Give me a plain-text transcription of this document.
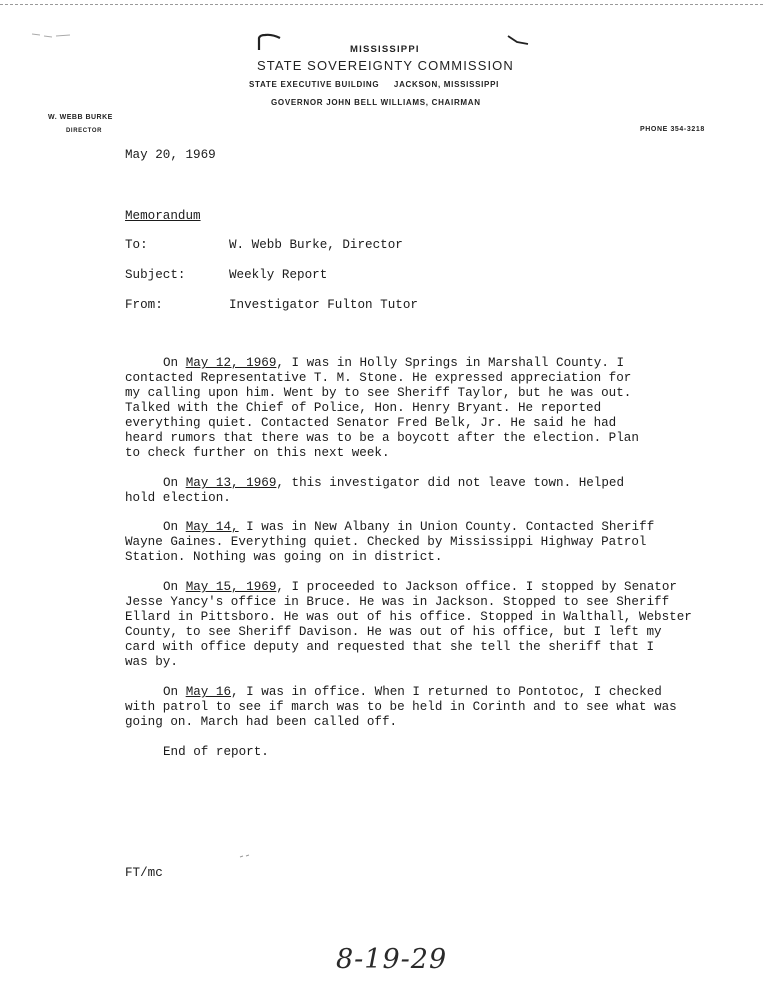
MISSISSIPPI
STATE SOVEREIGNTY COMMISSION
STATE EXECUTIVE BUILDING JACKSON, MISSISSIPPI
GOVERNOR JOHN BELL WILLIAMS, CHAIRMAN
W. WEBB BURKE
DIRECTOR	PHONE 354-3218
May 20, 1969
Memorandum
To:	W. Webb Burke, Director
Subject:	Weekly Report
From:	Investigator Fulton Tutor
On May 12, 1969, I was in Holly Springs in Marshall County. I
contacted Representative T. M. Stone. He expressed appreciation for
my calling upon him. Went by to see Sheriff Taylor, but he was out.
Talked with the Chief of Police, Hon. Henry Bryant. He reported
everything quiet. Contacted Senator Fred Belk, Jr. He said he had
heard rumors that there was to be a boycott after the election. Plan
to check further on this next week.
On May 13, 1969, this investigator did not leave town. Helped
hold election.
On May 14, I was in New Albany in Union County. Contacted Sheriff
Wayne Gaines. Everything quiet. Checked by Mississippi Highway Patrol
Station. Nothing was going on in district.
On May 15, 1969, I proceeded to Jackson office. I stopped by Senator
Jesse Yancy's office in Bruce. He was in Jackson. Stopped to see Sheriff
Ellard in Pittsboro. He was out of his office. Stopped in Walthall, Webster
County, to see Sheriff Davison. He was out of his office, but I left my
card with office deputy and requested that she tell the sheriff that I
was by.
On May 16, I was in office. When I returned to Pontotoc, I checked
with patrol to see if march was to be held in Corinth and to see what was
going on. March had been called off.
End of report.
FT/mc
8-19-29
